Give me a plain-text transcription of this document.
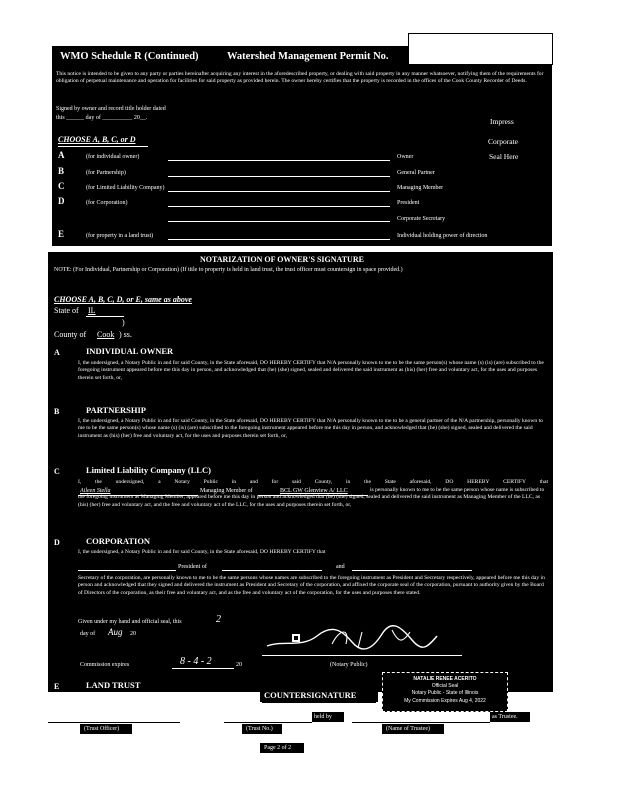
WMO Schedule R (Continued)	Watershed Management Permit No.
This notice is intended to be given to any party or parties hereinafter acquiring any interest in the aforedescribed property, or dealing with said property in any manner whatsoever, notifying them of the requirements for obligation of perpetual maintenance and operation for facilities for said property as provided herein. The owner hereby certifies that the property is recorded in the offices of the Cook County Recorder of Deeds.
Signed by owner and record title holder dated
this ______ day of __________ 20__.	Impress
Corporate
Seal Here
CHOOSE A, B, C, or D
A	(for individual owner)	Owner
B	(for Partnership)	General Partner
C	(for Limited Liability Company)	Managing Member
D	(for Corporation)	President
Corporate Secretary
E	(for property in a land trust)	Individual holding power of direction
NOTARIZATION OF OWNER'S SIGNATURE
NOTE: (For Individual, Partnership or Corporation) (If title to property is held in land trust, the trust officer must countersign in space provided.)
CHOOSE A, B, C, D, or E, same as above
State of IL
)
County of Cook ) ss.
A	INDIVIDUAL OWNER
I, the undersigned, a Notary Public in and for said County, in the State aforesaid, DO HEREBY CERTIFY that N/A personally known to me to be the same person(s) whose name (s) (is) (are) subscribed to the foregoing instrument appeared before me this day in person, and acknowledged that (he) (she) signed, sealed and delivered the said instrument as (his) (her) free and voluntary act, for the uses and purposes therein set forth, or,
B	PARTNERSHIP
I, the undersigned, a Notary Public in and for said County, in the State aforesaid, DO HEREBY CERTIFY that N/A personally known to me to be a general partner of the N/A partnership, personally known to me to be the same person(s) whose name (s) (is) (are) subscribed to the foregoing instrument appeared before me this day in person, and acknowledged that (he) (she) signed, sealed and delivered the said instrument as (his) (her) free and voluntary act, for the uses and purposes therein set forth, or,
C	Limited Liability Company (LLC)
I, the undersigned, a Notary Public in and for said County, in the State aforesaid, DO HEREBY CERTIFY that
Aileen Stella	Managing Member of	BCL GW Glenview A/ LLC	is personally known to me to be the same person whose name is subscribed to the foregoing instrument as Managing Member, appeared before me this day in person and acknowledged that (he) (she) signed, sealed and delivered the said instrument as Managing Member of the LLC, as (his) (her) free and voluntary act, and the free and voluntary act of the LLC, for the uses and purposes therein set forth, or,
D	CORPORATION
I, the undersigned, a Notary Public in and for said County, in the State aforesaid, DO HEREBY CERTIFY that
President of	and
Secretary of the corporation, are personally known to me to be the same persons whose names are subscribed to the foregoing instrument as President and Secretary respectively, appeared before me this day in person and acknowledged that they signed and delivered the instrument as President and Secretary of the corporation, and affixed the corporate seal of the corporation, pursuant to authority given by the Board of Directors of the corporation, as their free and voluntary act, and as the free and voluntary act of the corporation, for the uses and purposes there stated.
Given under my hand and official seal, this	2
day of Aug 20
Commission expires	8 - 4 - 2	20	(Notary Public)
E	LAND TRUST
NATALIE RENEE ACERITO
Official Seal
Notary Public - State of Illinois
My Commission Expires Aug 4, 2022
COUNTERSIGNATURE
held by	as Trustee.
(Trust Officer)	(Trust No.)	(Name of Trustee)
Page 2 of 2
